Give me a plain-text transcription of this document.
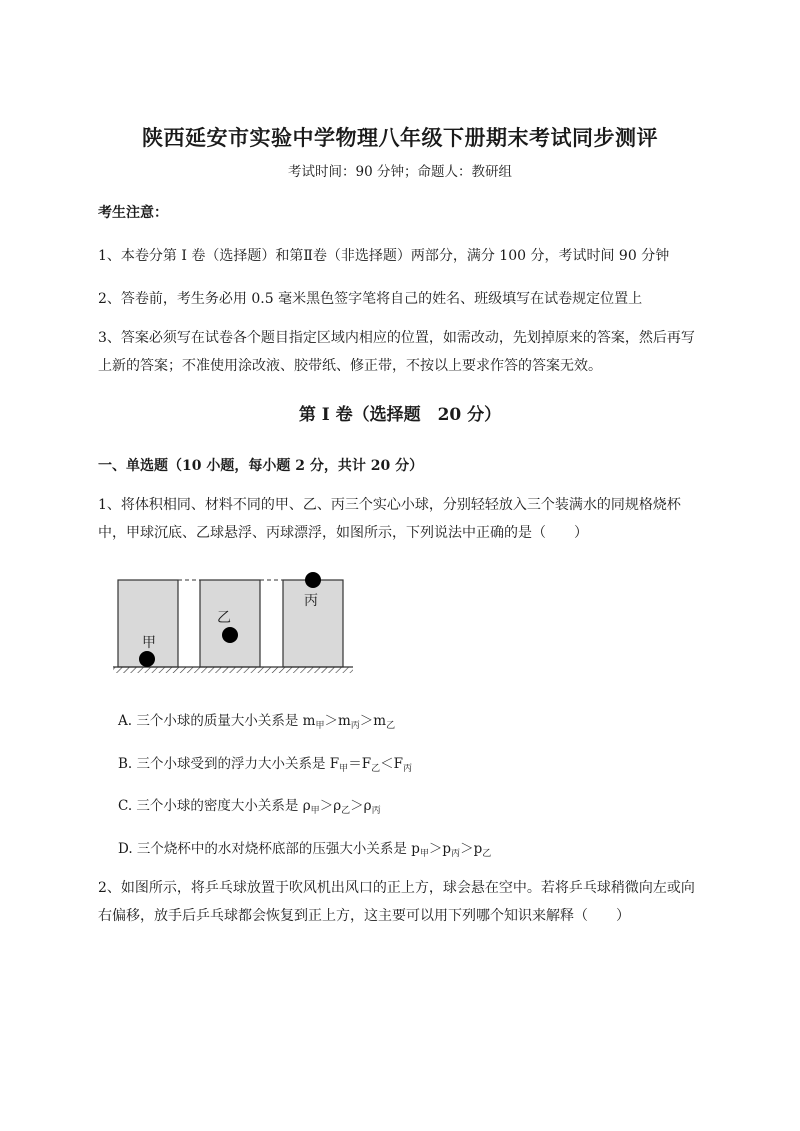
陕西延安市实验中学物理八年级下册期末考试同步测评
考试时间：90 分钟；命题人：教研组
考生注意：
1、本卷分第 I 卷（选择题）和第Ⅱ卷（非选择题）两部分，满分 100 分，考试时间 90 分钟
2、答卷前，考生务必用 0.5 毫米黑色签字笔将自己的姓名、班级填写在试卷规定位置上
3、答案必须写在试卷各个题目指定区域内相应的位置，如需改动，先划掉原来的答案，然后再写上新的答案；不准使用涂改液、胶带纸、修正带，不按以上要求作答的答案无效。
第 I 卷（选择题　20 分）
一、单选题（10 小题，每小题 2 分，共计 20 分）
1、将体积相同、材料不同的甲、乙、丙三个实心小球，分别轻轻放入三个装满水的同规格烧杯中，甲球沉底、乙球悬浮、丙球漂浮，如图所示，下列说法中正确的是（　　）
甲
乙
丙
A. 三个小球的质量大小关系是 $m_甲>m_丙>m_乙$
B. 三个小球受到的浮力大小关系是 $F_甲=F_乙<F_丙$
C. 三个小球的密度大小关系是 $\rho_甲>\rho_乙>\rho_丙$
D. 三个烧杯中的水对烧杯底部的压强大小关系是 $p_甲>p_丙>p_乙$
2、如图所示，将乒乓球放置于吹风机出风口的正上方，球会悬在空中。若将乒乓球稍微向左或向右偏移，放手后乒乓球都会恢复到正上方，这主要可以用下列哪个知识来解释（　　）
